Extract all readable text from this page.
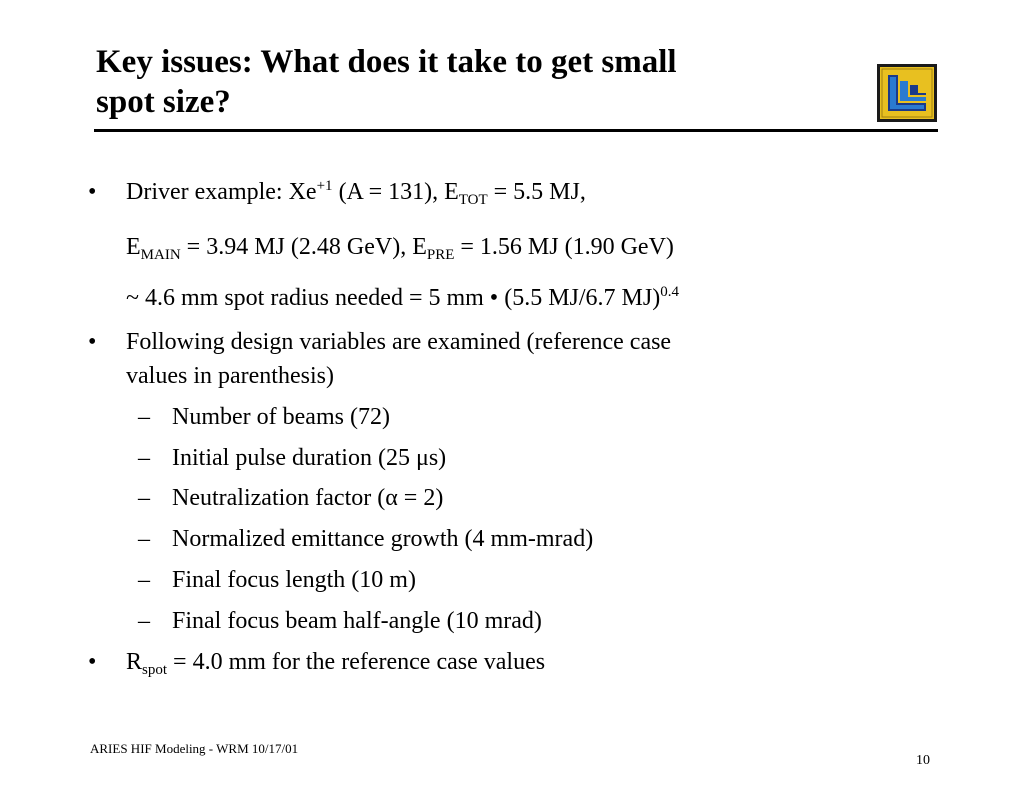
Key issues: What does it take to get small
spot size?
• Driver example: $Xe^{+1}$ (A = 131), $E_{TOT} = 5.5$ MJ,
$E_{MAIN} = 3.94$ MJ (2.48 GeV), $E_{PRE} = 1.56$ MJ (1.90 GeV)
~ 4.6 mm spot radius needed = 5 mm • (5.5 MJ/6.7 MJ)$^{0.4}$
• Following design variables are examined (reference case
values in parenthesis)
– Number of beams (72)
– Initial pulse duration (25 μs)
– Neutralization factor (α = 2)
– Normalized emittance growth (4 mm-mrad)
– Final focus length (10 m)
– Final focus beam half-angle (10 mrad)
• $R_{spot} = 4.0$ mm for the reference case values
ARIES HIF Modeling - WRM 10/17/01
10
